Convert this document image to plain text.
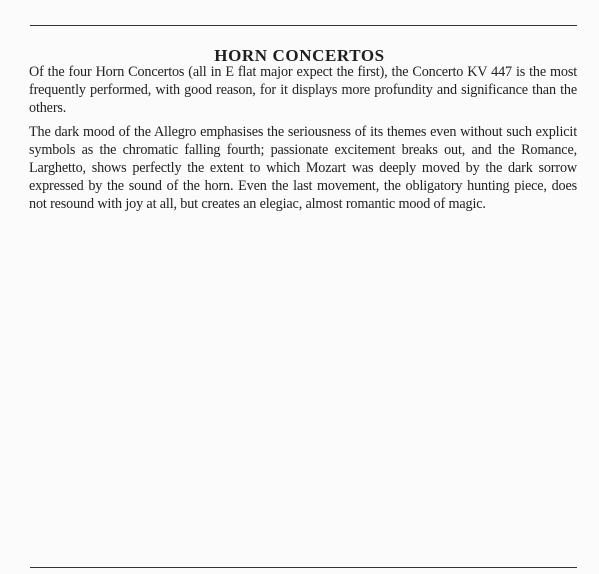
HORN CONCERTOS

Of the four Horn Concertos (all in E flat major expect the first), the Concerto KV 447 is the most frequently performed, with good reason, for it displays more profundity and significance than the others.

The dark mood of the Allegro emphasises the seriousness of its themes even without such explicit symbols as the chromatic falling fourth; passionate excitement breaks out, and the Romance, Larghetto, shows perfectly the extent to which Mozart was deeply moved by the dark sorrow expressed by the sound of the horn. Even the last movement, the obligatory hunting piece, does not resound with joy at all, but creates an elegiac, almost romantic mood of magic.
